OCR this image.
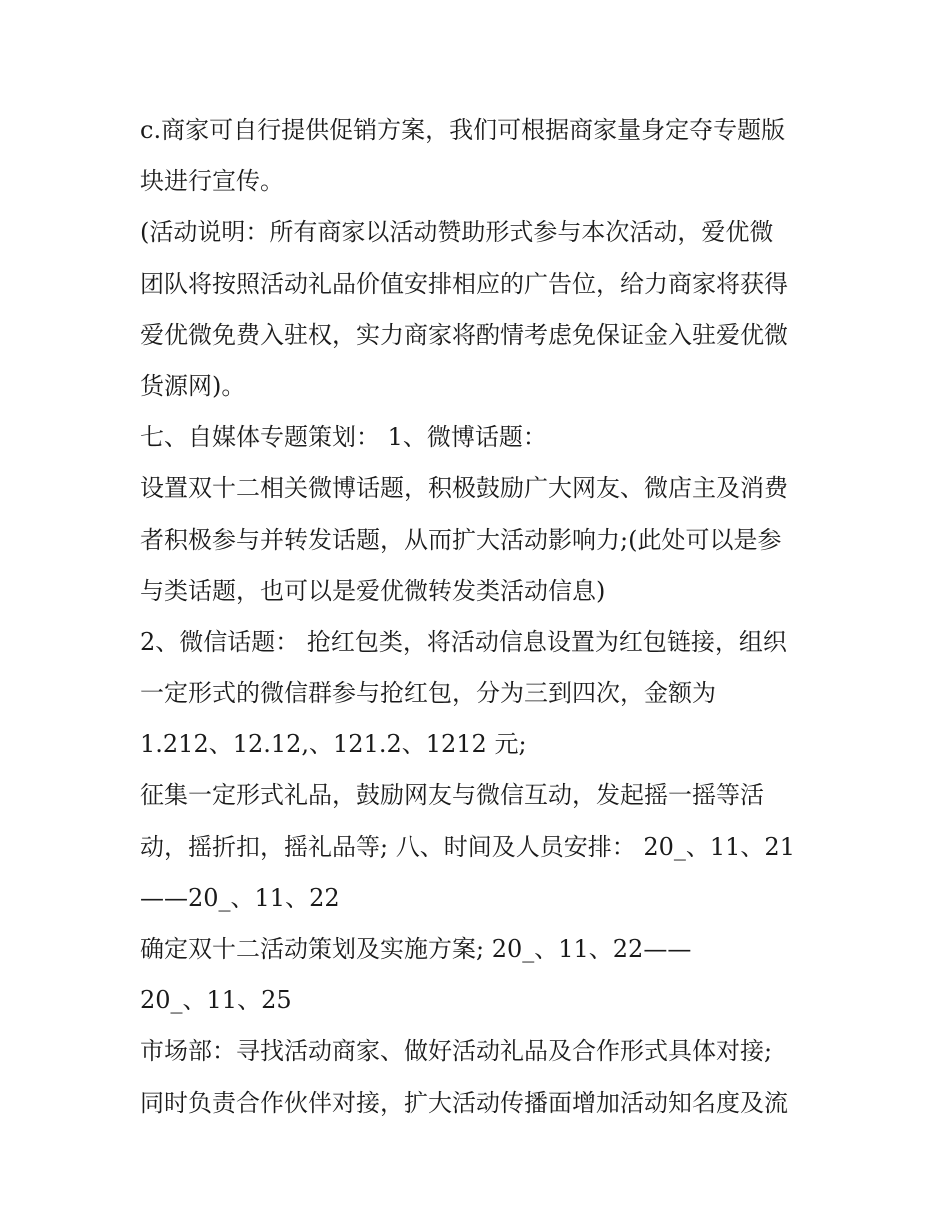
c.商家可自行提供促销方案，我们可根据商家量身定夺专题版
块进行宣传。
(活动说明：所有商家以活动赞助形式参与本次活动，爱优微
团队将按照活动礼品价值安排相应的广告位，给力商家将获得
爱优微免费入驻权，实力商家将酌情考虑免保证金入驻爱优微
货源网)。
七、自媒体专题策划： 1、微博话题：
设置双十二相关微博话题，积极鼓励广大网友、微店主及消费
者积极参与并转发话题，从而扩大活动影响力;(此处可以是参
与类话题，也可以是爱优微转发类活动信息)
2、微信话题： 抢红包类，将活动信息设置为红包链接，组织
一定形式的微信群参与抢红包，分为三到四次，金额为
1.212、12.12,、121.2、1212 元;
征集一定形式礼品，鼓励网友与微信互动，发起摇一摇等活
动，摇折扣，摇礼品等; 八、时间及人员安排： 20_、11、21
——20_、11、22
确定双十二活动策划及实施方案; 20_、11、22——
20_、11、25
市场部：寻找活动商家、做好活动礼品及合作形式具体对接;
同时负责合作伙伴对接，扩大活动传播面增加活动知名度及流
